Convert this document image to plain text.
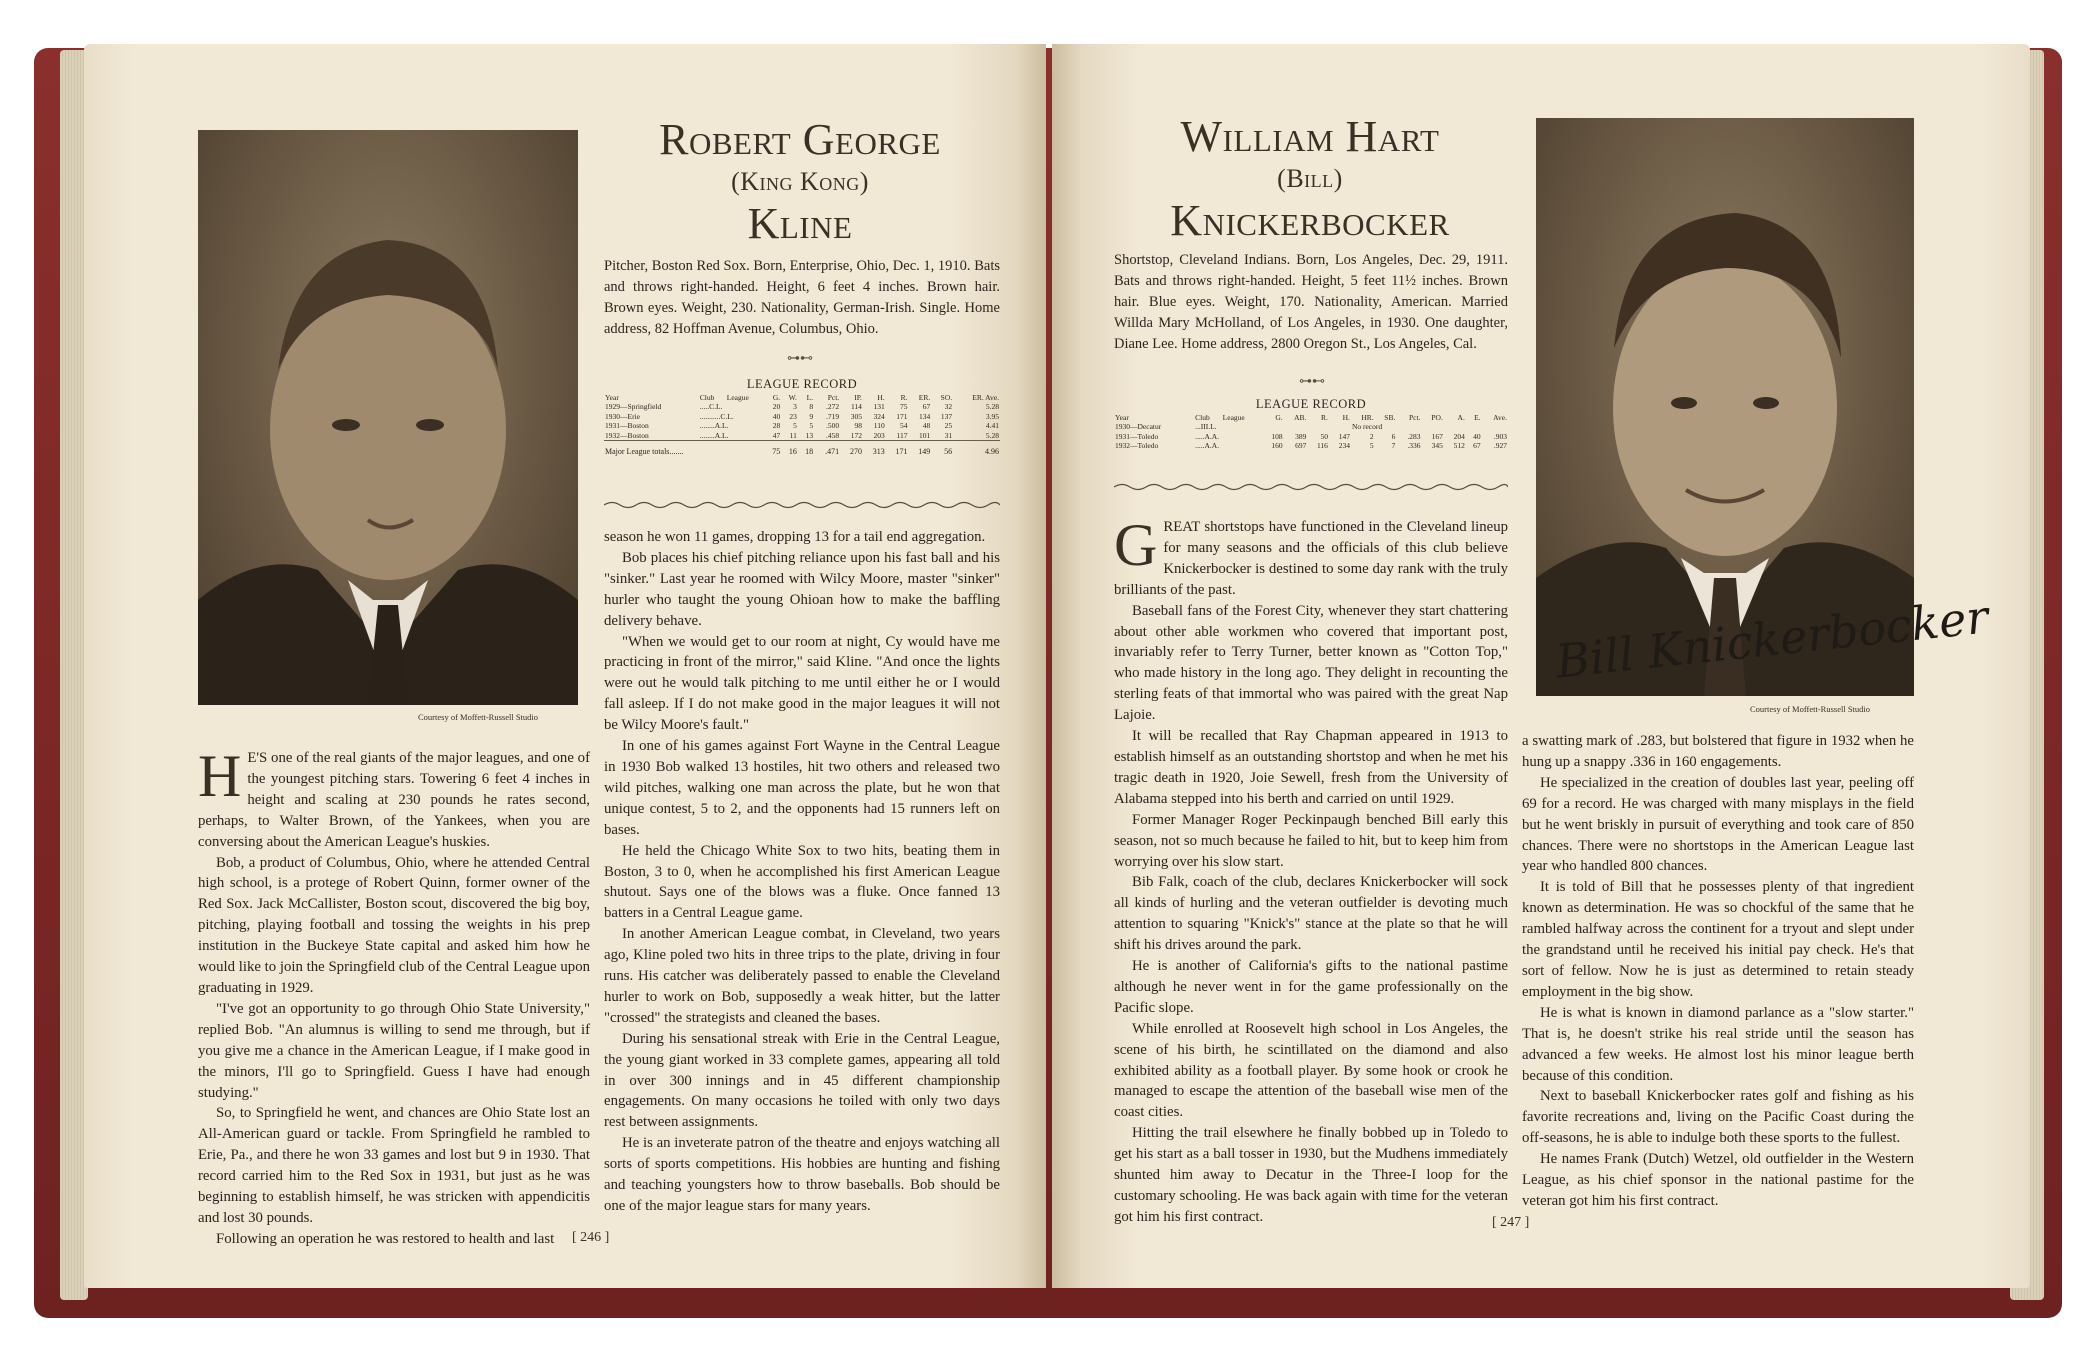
Courtesy of Moffett-Russell Studio
Robert George
(King Kong)
Kline
Pitcher, Boston Red Sox. Born, Enterprise, Ohio, Dec. 1, 1910. Bats and throws right-handed. Height, 6 feet 4 inches. Brown hair. Brown eyes. Weight, 230. Nationality, German-Irish. Single. Home address, 82 Hoffman Avenue, Columbus, Ohio.
⊶⊷
LEAGUE RECORD
Year	Club	League	G.	W.	L.	Pct.	IP.	H.	R.	ER.	SO.	ER. Ave.
1929—Springfield	.....C.L.		20	3	8	.272	114	131	75	67	32	5.28
1930—Erie	...........C.L.		40	23	9	.719	305	324	171	134	137	3.95
1931—Boston	........A.L.		28	5	5	.500	98	110	54	48	25	4.41
1932—Boston	........A.L.		47	11	13	.458	172	203	117	101	31	5.28
Major League totals.......			75	16	18	.471	270	313	171	149	56	4.96

H E'S one of the real giants of the major leagues, and one of the youngest pitching stars. Towering 6 feet 4 inches in height and scaling at 230 pounds he rates second, perhaps, to Walter Brown, of the Yankees, when you are conversing about the American League's huskies.

Bob, a product of Columbus, Ohio, where he attended Central high school, is a protege of Robert Quinn, former owner of the Red Sox. Jack McCallister, Boston scout, discovered the big boy, pitching, playing football and tossing the weights in his prep institution in the Buckeye State capital and asked him how he would like to join the Springfield club of the Central League upon graduating in 1929.

"I've got an opportunity to go through Ohio State University," replied Bob. "An alumnus is willing to send me through, but if you give me a chance in the American League, if I make good in the minors, I'll go to Springfield. Guess I have had enough studying."

So, to Springfield he went, and chances are Ohio State lost an All-American guard or tackle. From Springfield he rambled to Erie, Pa., and there he won 33 games and lost but 9 in 1930. That record carried him to the Red Sox in 1931, but just as he was beginning to establish himself, he was stricken with appendicitis and lost 30 pounds.

Following an operation he was restored to health and last

season he won 11 games, dropping 13 for a tail end aggregation.

Bob places his chief pitching reliance upon his fast ball and his "sinker." Last year he roomed with Wilcy Moore, master "sinker" hurler who taught the young Ohioan how to make the baffling delivery behave.

"When we would get to our room at night, Cy would have me practicing in front of the mirror," said Kline. "And once the lights were out he would talk pitching to me until either he or I would fall asleep. If I do not make good in the major leagues it will not be Wilcy Moore's fault."

In one of his games against Fort Wayne in the Central League in 1930 Bob walked 13 hostiles, hit two others and released two wild pitches, walking one man across the plate, but he won that unique contest, 5 to 2, and the opponents had 15 runners left on bases.

He held the Chicago White Sox to two hits, beating them in Boston, 3 to 0, when he accomplished his first American League shutout. Says one of the blows was a fluke. Once fanned 13 batters in a Central League game.

In another American League combat, in Cleveland, two years ago, Kline poled two hits in three trips to the plate, driving in four runs. His catcher was deliberately passed to enable the Cleveland hurler to work on Bob, supposedly a weak hitter, but the latter "crossed" the strategists and cleaned the bases.

During his sensational streak with Erie in the Central League, the young giant worked in 33 complete games, appearing all told in over 300 innings and in 45 different championship engagements. On many occasions he toiled with only two days rest between assignments.

He is an inveterate patron of the theatre and enjoys watching all sorts of sports competitions. His hobbies are hunting and fishing and teaching youngsters how to throw baseballs. Bob should be one of the major league stars for many years.

[ 246 ]
William Hart
(Bill)
Knickerbocker
Bill Knickerbocker
Courtesy of Moffett-Russell Studio
Shortstop, Cleveland Indians. Born, Los Angeles, Dec. 29, 1911. Bats and throws right-handed. Height, 5 feet 11½ inches. Brown hair. Blue eyes. Weight, 170. Nationality, American. Married Willda Mary McHolland, of Los Angeles, in 1930. One daughter, Diane Lee. Home address, 2800 Oregon St., Los Angeles, Cal.
⊶⊷
LEAGUE RECORD
Year	Club	League	G.	AB.	R.	H.	HR.	SB.	Pct.	PO.	A.	E.	Ave.
1930—Decatur	...III.L.						No record						
1931—Toledo	.....A.A.		108	389	50	147	2	6	.283	167	204	40	.903
1932—Toledo	.....A.A.		160	697	116	234	5	7	.336	345	512	67	.927

GREAT shortstops have functioned in the Cleveland lineup for many seasons and the officials of this club believe Knickerbocker is destined to some day rank with the truly brilliants of the past.

Baseball fans of the Forest City, whenever they start chattering about other able workmen who covered that important post, invariably refer to Terry Turner, better known as "Cotton Top," who made history in the long ago. They delight in recounting the sterling feats of that immortal who was paired with the great Nap Lajoie.

It will be recalled that Ray Chapman appeared in 1913 to establish himself as an outstanding shortstop and when he met his tragic death in 1920, Joie Sewell, fresh from the University of Alabama stepped into his berth and carried on until 1929.

Former Manager Roger Peckinpaugh benched Bill early this season, not so much because he failed to hit, but to keep him from worrying over his slow start.

Bib Falk, coach of the club, declares Knickerbocker will sock all kinds of hurling and the veteran outfielder is devoting much attention to squaring "Knick's" stance at the plate so that he will shift his drives around the park.

He is another of California's gifts to the national pastime although he never went in for the game professionally on the Pacific slope.

While enrolled at Roosevelt high school in Los Angeles, the scene of his birth, he scintillated on the diamond and also exhibited ability as a football player. By some hook or crook he managed to escape the attention of the baseball wise men of the coast cities.

Hitting the trail elsewhere he finally bobbed up in Toledo to get his start as a ball tosser in 1930, but the Mudhens immediately shunted him away to Decatur in the Three-I loop for the customary schooling. He was back again with time for the veteran got him his first contract.

a swatting mark of .283, but bolstered that figure in 1932 when he hung up a snappy .336 in 160 engagements.

He specialized in the creation of doubles last year, peeling off 69 for a record. He was charged with many misplays in the field but he went briskly in pursuit of everything and took care of 850 chances. There were no shortstops in the American League last year who handled 800 chances.

It is told of Bill that he possesses plenty of that ingredient known as determination. He was so chockful of the same that he rambled halfway across the continent for a tryout and slept under the grandstand until he received his initial pay check. He's that sort of fellow. Now he is just as determined to retain steady employment in the big show.

He is what is known in diamond parlance as a "slow starter." That is, he doesn't strike his real stride until the season has advanced a few weeks. He almost lost his minor league berth because of this condition.

Next to baseball Knickerbocker rates golf and fishing as his favorite recreations and, living on the Pacific Coast during the off-seasons, he is able to indulge both these sports to the fullest.

He names Frank (Dutch) Wetzel, old outfielder in the Western League, as his chief sponsor in the national pastime for the veteran got him his first contract.

[ 247 ]
